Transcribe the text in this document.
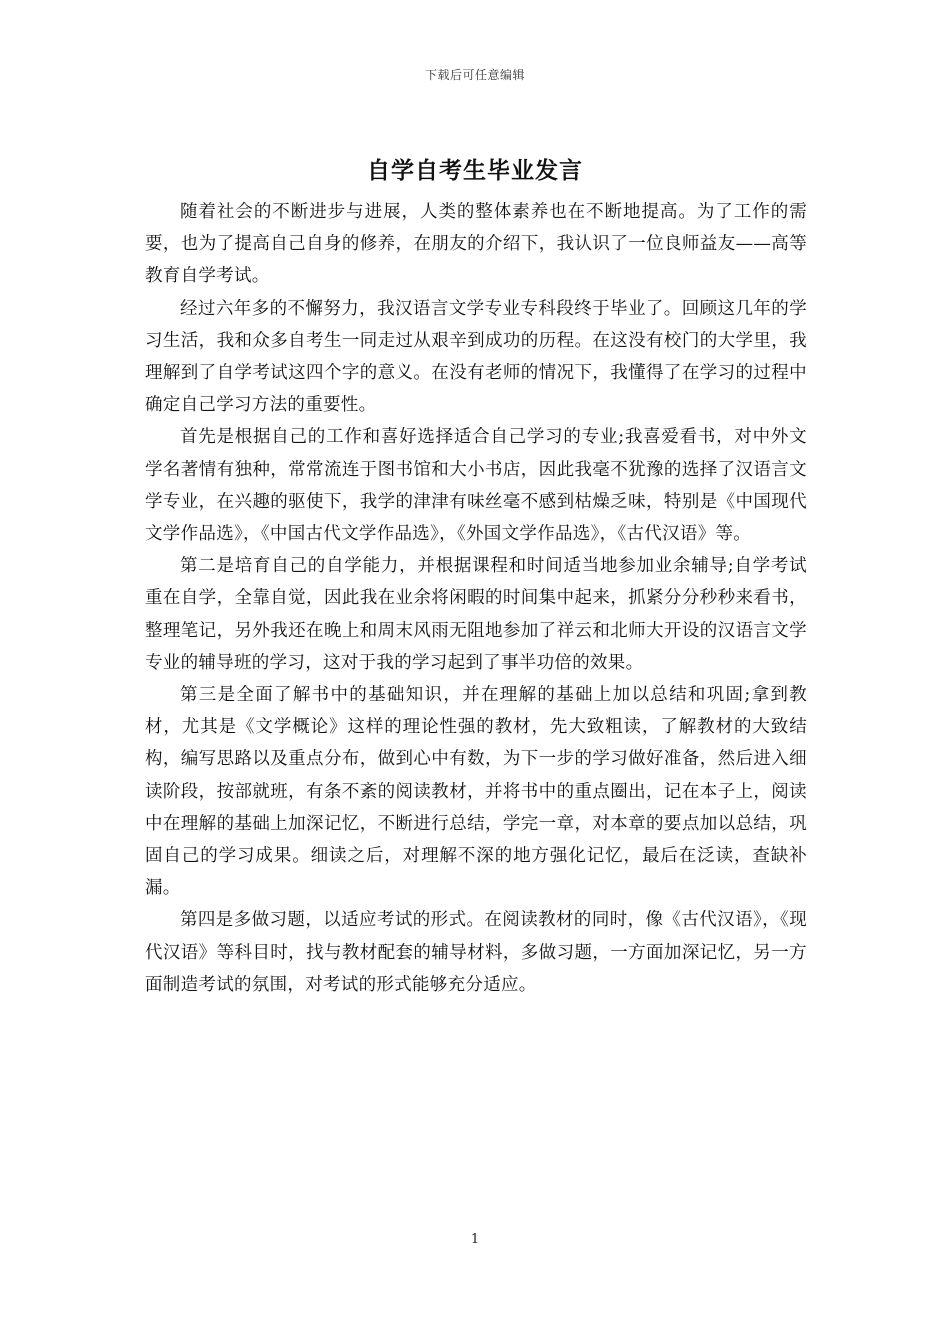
下载后可任意编辑
自学自考生毕业发言

随着社会的不断进步与进展，人类的整体素养也在不断地提高。为了工作的需要，也为了提高自己自身的修养，在朋友的介绍下，我认识了一位良师益友——高等教育自学考试。

经过六年多的不懈努力，我汉语言文学专业专科段终于毕业了。回顾这几年的学习生活，我和众多自考生一同走过从艰辛到成功的历程。在这没有校门的大学里，我理解到了自学考试这四个字的意义。在没有老师的情况下，我懂得了在学习的过程中确定自己学习方法的重要性。

首先是根据自己的工作和喜好选择适合自己学习的专业;我喜爱看书，对中外文学名著情有独种，常常流连于图书馆和大小书店，因此我毫不犹豫的选择了汉语言文学专业，在兴趣的驱使下，我学的津津有味丝毫不感到枯燥乏味，特别是《中国现代文学作品选》，《中国古代文学作品选》，《外国文学作品选》，《古代汉语》等。

第二是培育自己的自学能力，并根据课程和时间适当地参加业余辅导;自学考试重在自学，全靠自觉，因此我在业余将闲暇的时间集中起来，抓紧分分秒秒来看书，整理笔记，另外我还在晚上和周末风雨无阻地参加了祥云和北师大开设的汉语言文学专业的辅导班的学习，这对于我的学习起到了事半功倍的效果。

第三是全面了解书中的基础知识，并在理解的基础上加以总结和巩固;拿到教材，尤其是《文学概论》这样的理论性强的教材，先大致粗读，了解教材的大致结构，编写思路以及重点分布，做到心中有数，为下一步的学习做好准备，然后进入细读阶段，按部就班，有条不紊的阅读教材，并将书中的重点圈出，记在本子上，阅读中在理解的基础上加深记忆，不断进行总结，学完一章，对本章的要点加以总结，巩固自己的学习成果。细读之后，对理解不深的地方强化记忆，最后在泛读，查缺补漏。

第四是多做习题，以适应考试的形式。在阅读教材的同时，像《古代汉语》，《现代汉语》等科目时，找与教材配套的辅导材料，多做习题，一方面加深记忆，另一方面制造考试的氛围，对考试的形式能够充分适应。

1
